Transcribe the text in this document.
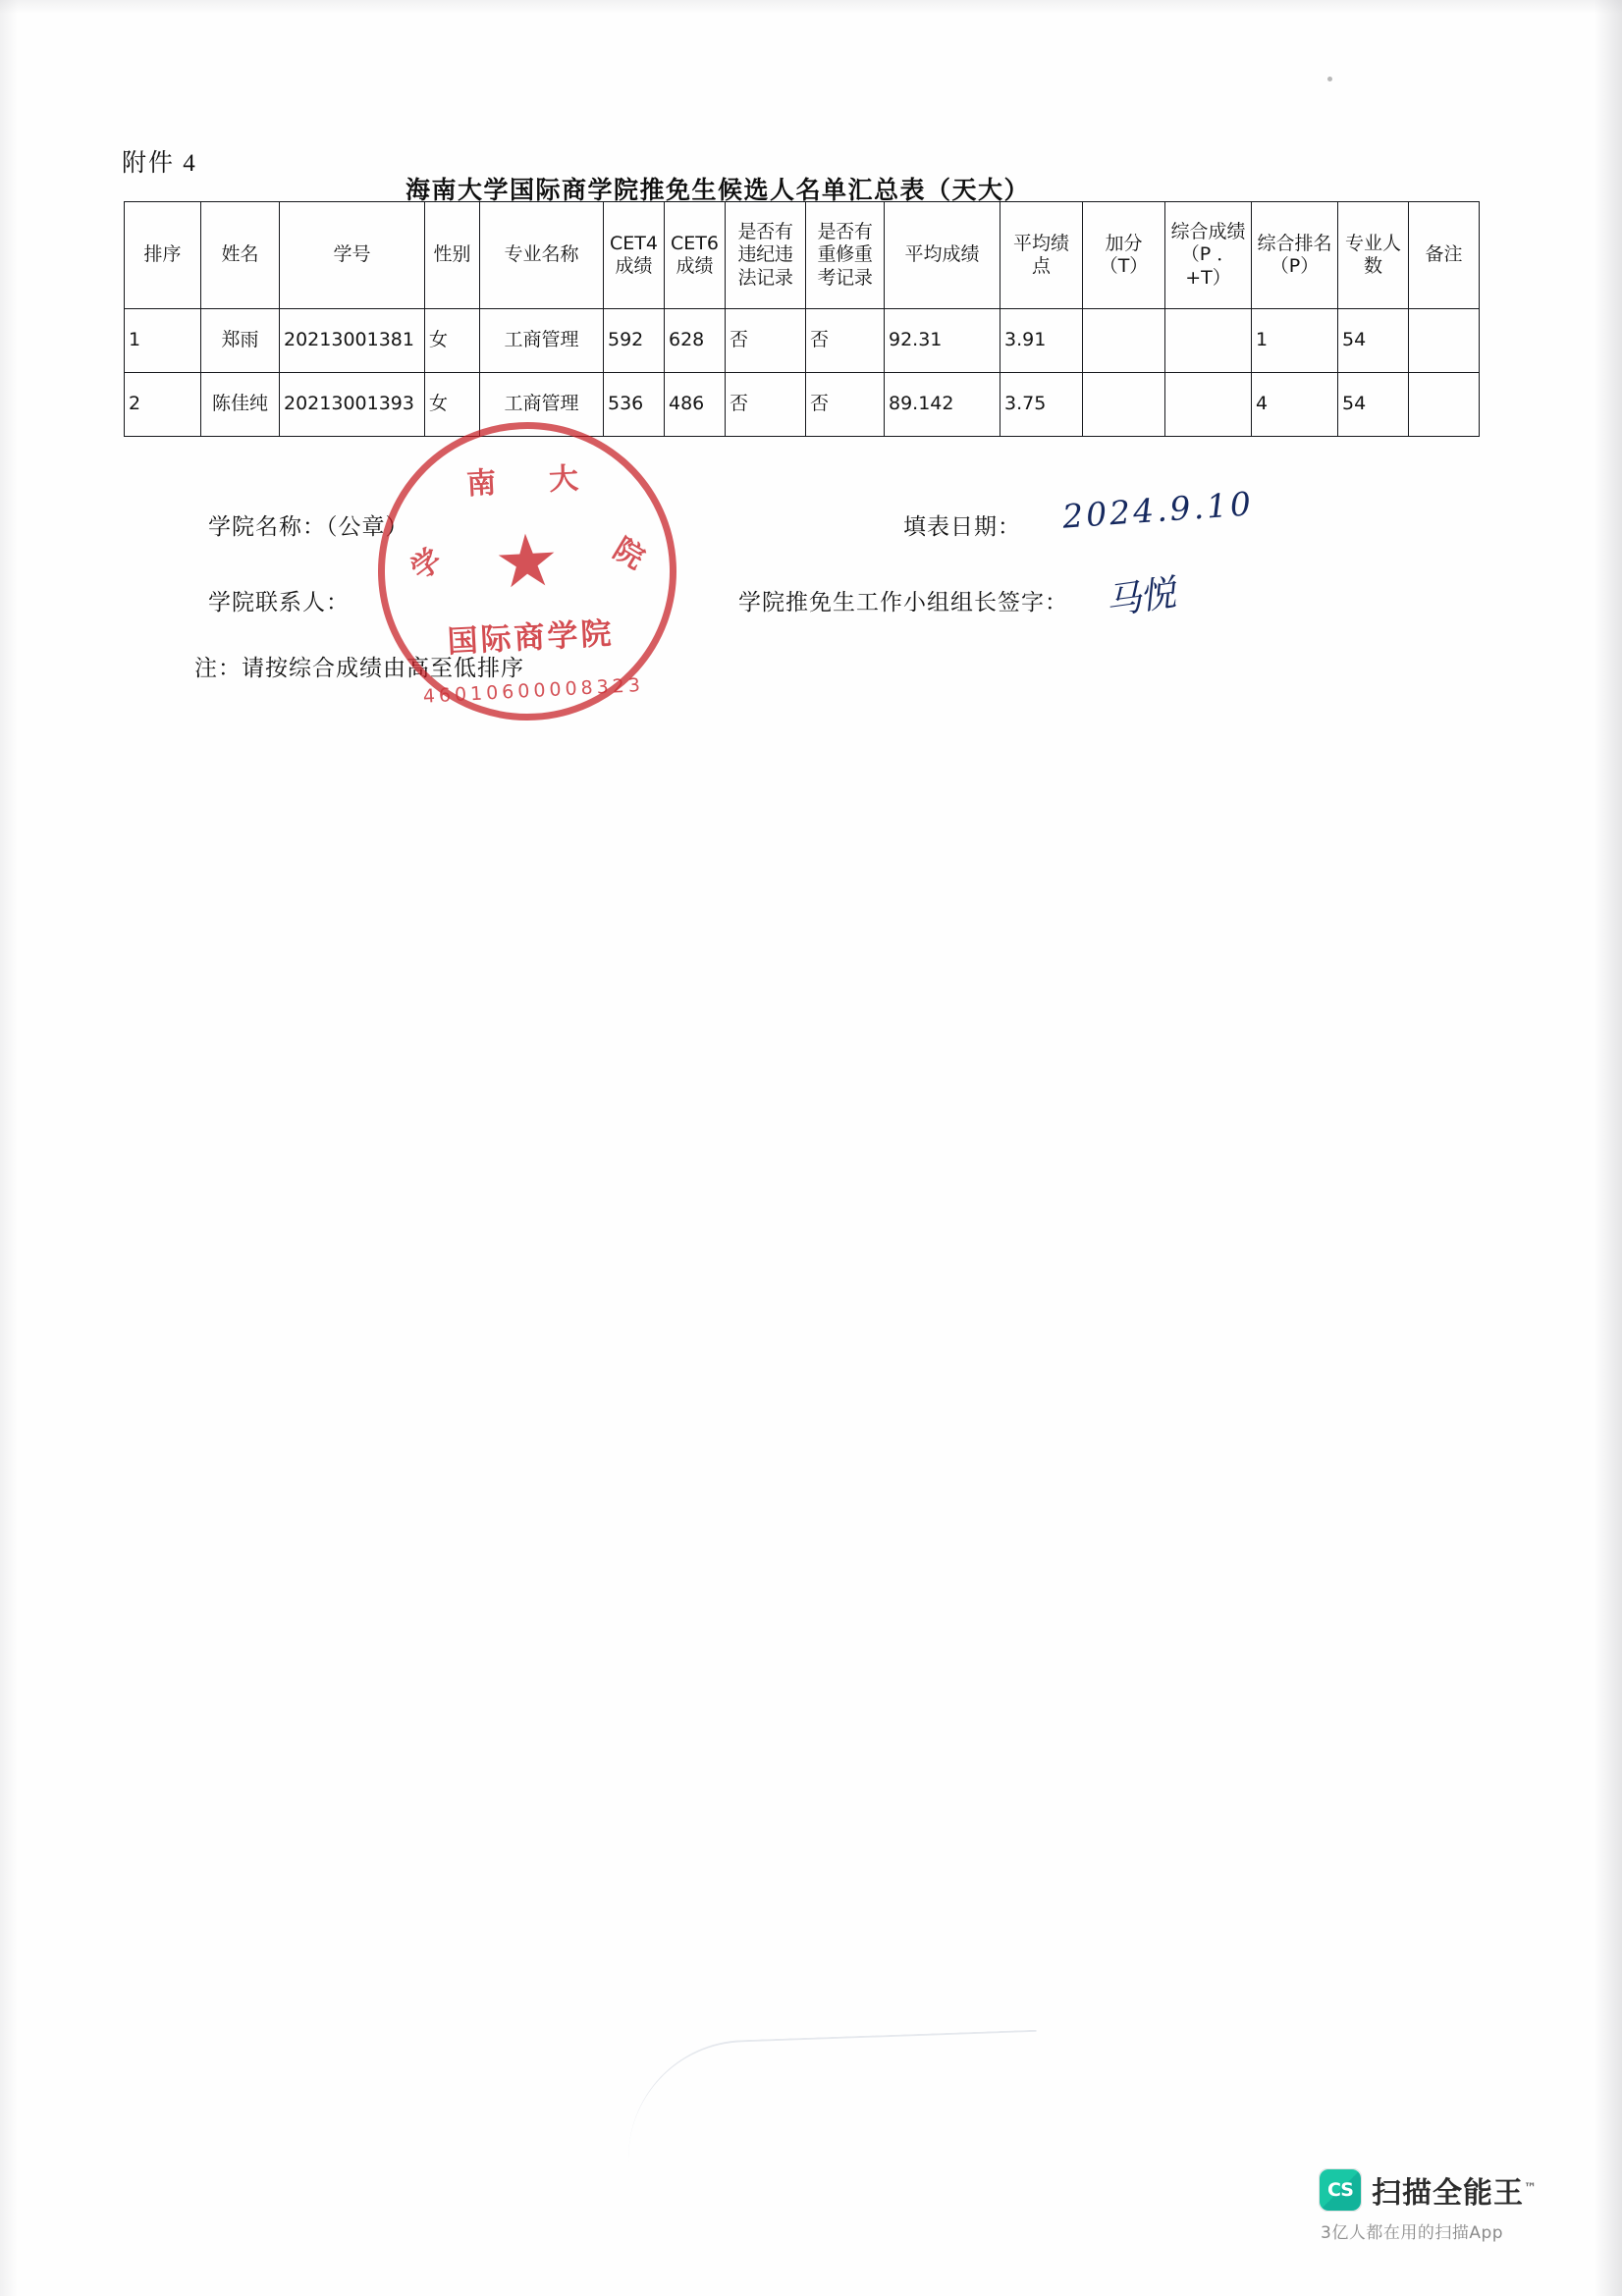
附件 4
海南大学国际商学院推免生候选人名单汇总表（天大）
排序	姓名	学号	性别	专业名称	CET4成绩	CET6成绩	是否有违纪违法记录	是否有重修重考记录	平均成绩	平均绩点	加分（T）	综合成绩（P ．+T）	综合排名（P）	专业人数	备注
1	郑雨	20213001381	女	工商管理	592	628	否	否	92.31	3.91			1	54	
2	陈佳纯	20213001393	女	工商管理	536	486	否	否	89.142	3.75			4	54	
学院名称：（公章）
学院联系人：
注：请按综合成绩由高至低排序
填表日期：
学院推免生工作小组组长签字：
2024.9.10
马悦
南大
学	院
★
国际商学院
46010600008323
CS 扫描全能王™
3亿人都在用的扫描App
